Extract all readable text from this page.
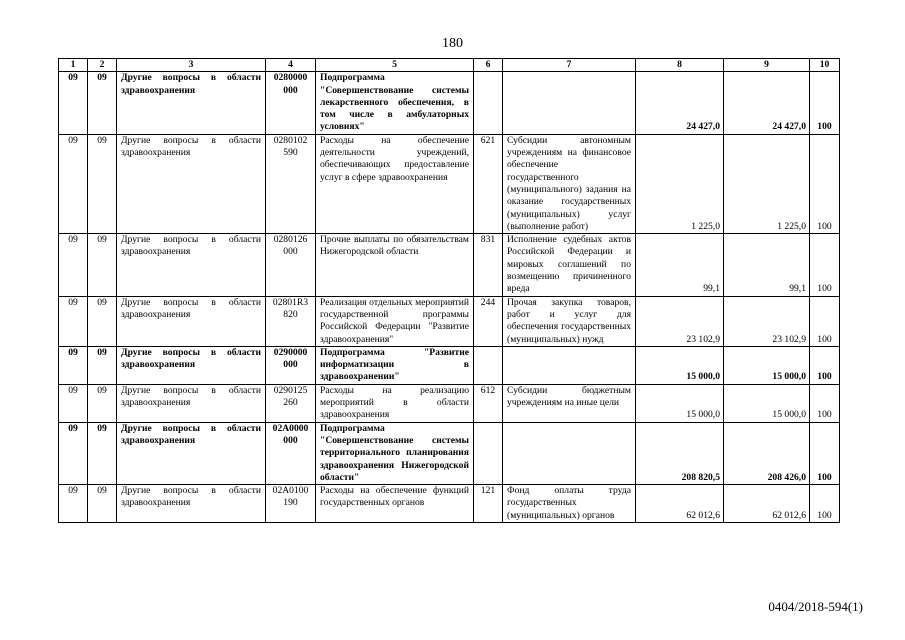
180
1	2	3	4	5	6	7	8	9	10
09	09	Другие вопросы в области здравоохранения	0280000 000	Подпрограмма "Совершенствование системы лекарственного обеспечения, в том числе в амбулаторных условиях"			24 427,0	24 427,0	100
09	09	Другие вопросы в области здравоохранения	0280102 590	Расходы на обеспечение деятельности учреждений, обеспечивающих предоставление услуг в сфере здравоохранения	621	Субсидии автономным учреждениям на финансовое обеспечение государственного (муниципального) задания на оказание государственных (муниципальных) услуг (выполнение работ)	1 225,0	1 225,0	100
09	09	Другие вопросы в области здравоохранения	0280126 000	Прочие выплаты по обязательствам Нижегородской области	831	Исполнение судебных актов Российской Федерации и мировых соглашений по возмещению причиненного вреда	99,1	99,1	100
09	09	Другие вопросы в области здравоохранения	02801R3 820	Реализация отдельных мероприятий государственной программы Российской Федерации "Развитие здравоохранения"	244	Прочая закупка товаров, работ и услуг для обеспечения государственных (муниципальных) нужд	23 102,9	23 102,9	100
09	09	Другие вопросы в области здравоохранения	0290000 000	Подпрограмма "Развитие информатизации в здравоохранении"			15 000,0	15 000,0	100
09	09	Другие вопросы в области здравоохранения	0290125 260	Расходы на реализацию мероприятий в области здравоохранения	612	Субсидии бюджетным учреждениям на иные цели	15 000,0	15 000,0	100
09	09	Другие вопросы в области здравоохранения	02А0000 000	Подпрограмма "Совершенствование системы территориального планирования здравоохранения Нижегородской области"			208 820,5	208 426,0	100
09	09	Другие вопросы в области здравоохранения	02А0100 190	Расходы на обеспечение функций государственных органов	121	Фонд оплаты труда государственных (муниципальных) органов	62 012,6	62 012,6	100
0404/2018-594(1)
